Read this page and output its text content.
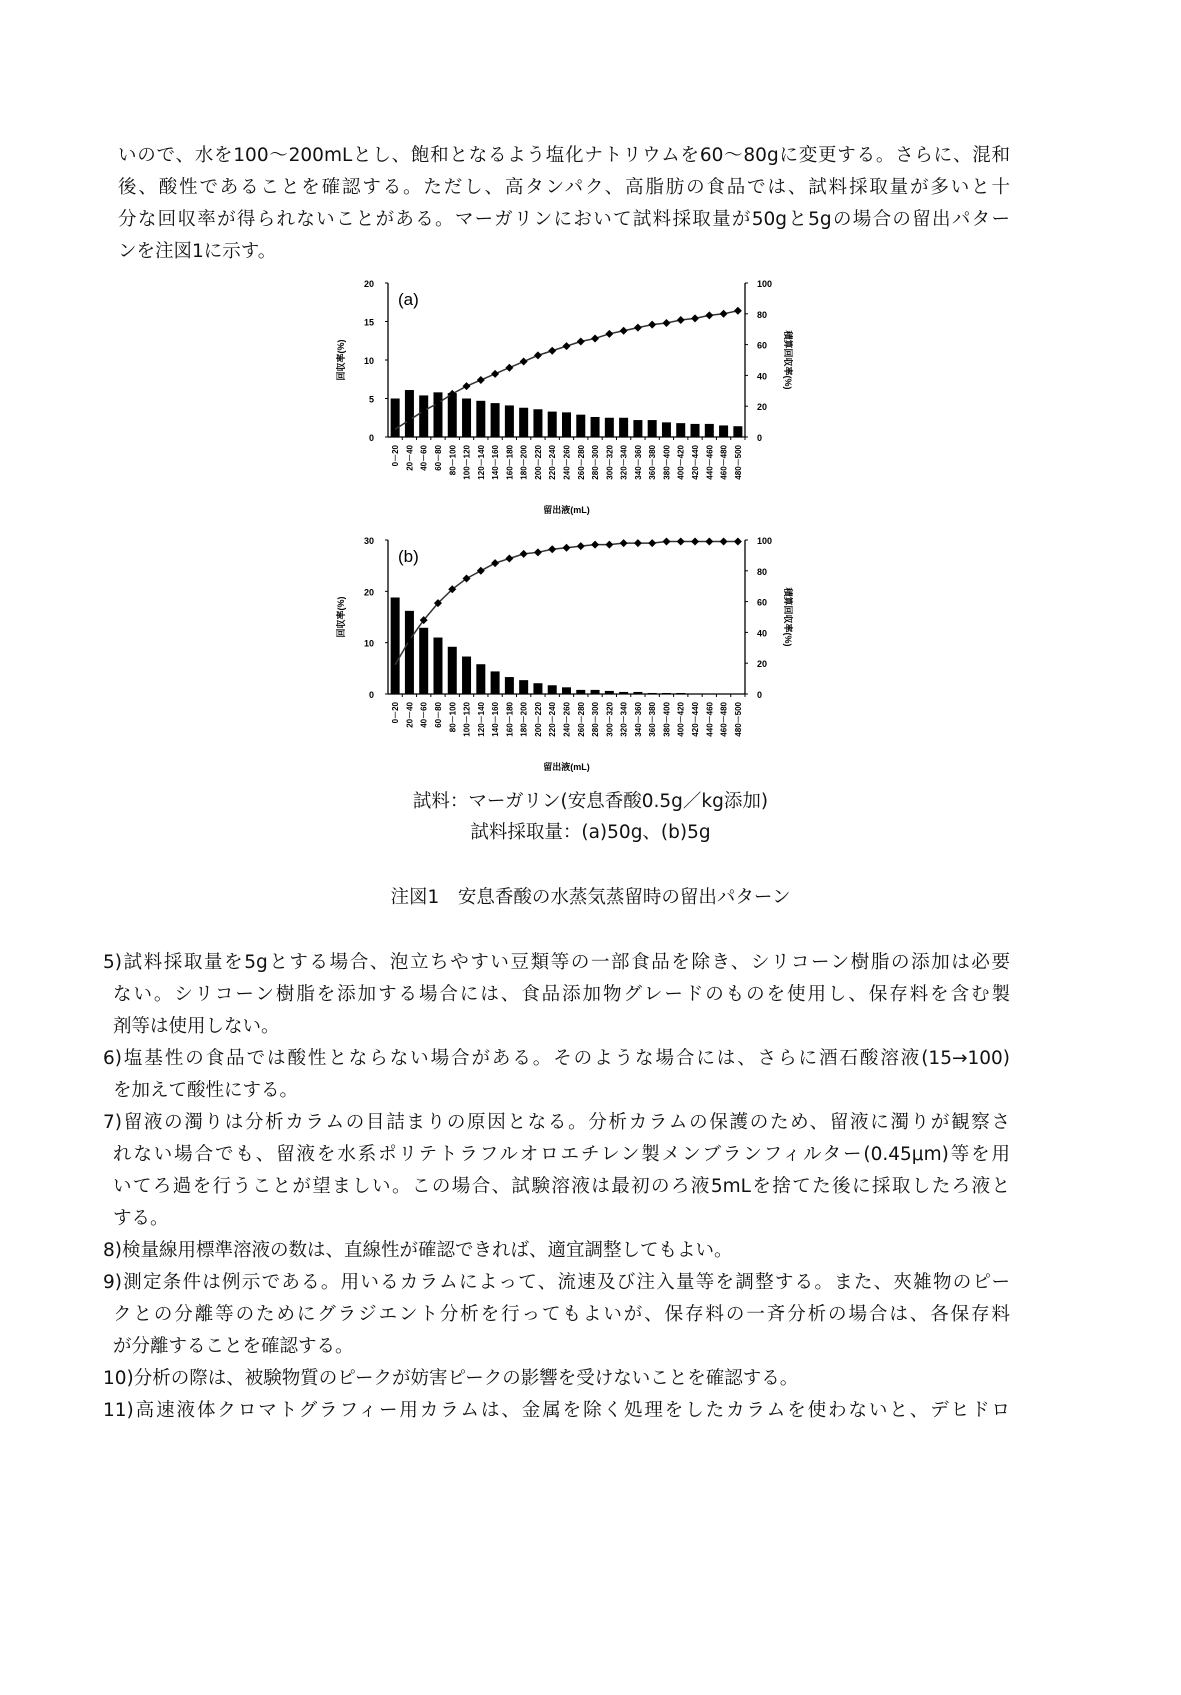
いので、水を100～200mLとし、飽和となるよう塩化ナトリウムを60～80gに変更する。さらに、混和
後、酸性であることを確認する。ただし、高タンパク、高脂肪の食品では、試料採取量が多いと十
分な回収率が得られないことがある。マーガリンにおいて試料採取量が50gと5gの場合の留出パター
ンを注図1に示す。
0
5
10
15
20
0
20
40
60
80
100
回収率(%)	積算回収率(%)
(a)
0－20 20－40 40－60 60－80 80－100 100－120 120－140 140－160 160－180 180－200 200－220 220－240 240－260 260－280 280－300 300－320 320－340 340－360 360－380 380－400 400－420 420－440 440－460 460－480 480－500
留出液(mL)
0
10
20
30
0
20
40
60
80
100
回収率(%)	積算回収率(%)
(b)
0－20 20－40 40－60 60－80 80－100 100－120 120－140 140－160 160－180 180－200 200－220 220－240 240－260 260－280 280－300 300－320 320－340 340－360 360－380 380－400 400－420 420－440 440－460 460－480 480－500
留出液(mL)
試料：マーガリン(安息香酸0.5g／kg添加)
試料採取量：(a)50g、(b)5g
注図1　安息香酸の水蒸気蒸留時の留出パターン
5)試料採取量を5gとする場合、泡立ちやすい豆類等の一部食品を除き、シリコーン樹脂の添加は必要
ない。シリコーン樹脂を添加する場合には、食品添加物グレードのものを使用し、保存料を含む製
剤等は使用しない。
6)塩基性の食品では酸性とならない場合がある。そのような場合には、さらに酒石酸溶液(15→100)
を加えて酸性にする。
7)留液の濁りは分析カラムの目詰まりの原因となる。分析カラムの保護のため、留液に濁りが観察さ
れない場合でも、留液を水系ポリテトラフルオロエチレン製メンブランフィルター(0.45μm)等を用
いてろ過を行うことが望ましい。この場合、試験溶液は最初のろ液5mLを捨てた後に採取したろ液と
する。
8)検量線用標準溶液の数は、直線性が確認できれば、適宜調整してもよい。
9)測定条件は例示である。用いるカラムによって、流速及び注入量等を調整する。また、夾雑物のピー
クとの分離等のためにグラジエント分析を行ってもよいが、保存料の一斉分析の場合は、各保存料
が分離することを確認する。
10)分析の際は、被験物質のピークが妨害ピークの影響を受けないことを確認する。
11)高速液体クロマトグラフィー用カラムは、金属を除く処理をしたカラムを使わないと、デヒドロ
